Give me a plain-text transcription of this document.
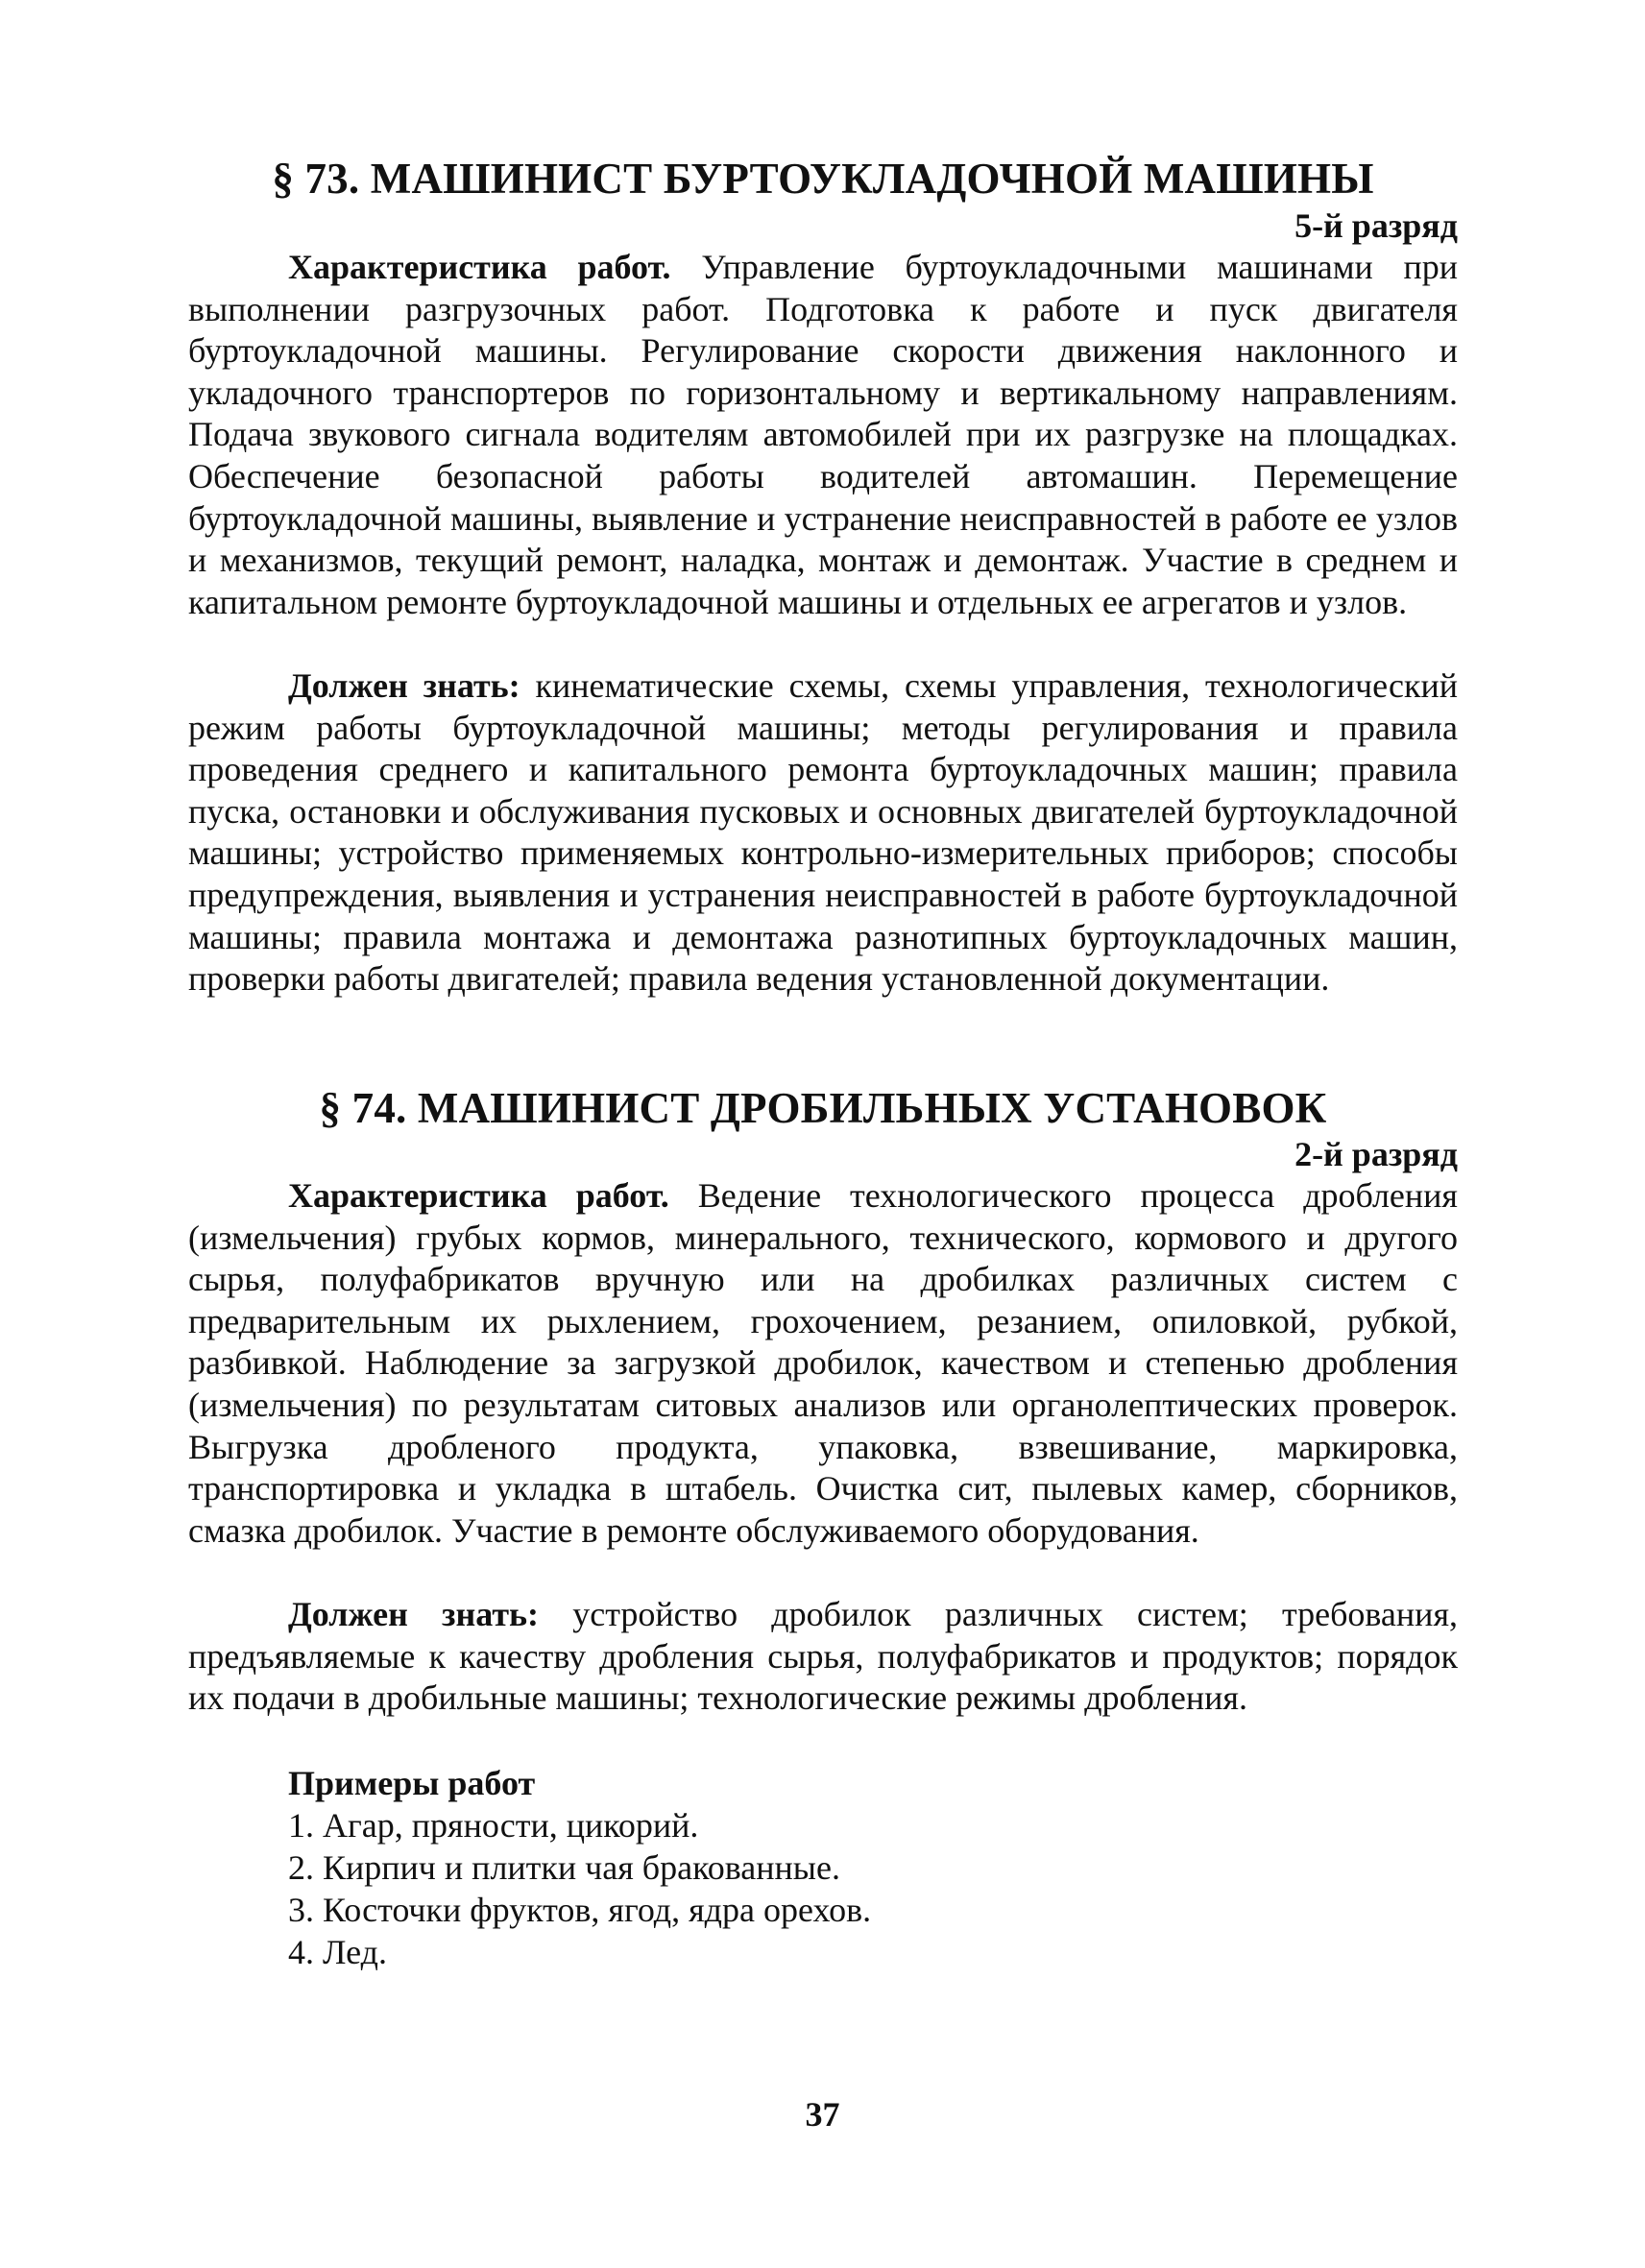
§ 73. МАШИНИСТ БУРТОУКЛАДОЧНОЙ МАШИНЫ
5-й разряд

Характеристика работ. Управление буртоукладочными машинами при выполнении разгрузочных работ. Подготовка к работе и пуск двигателя буртоукладочной машины. Регулирование скорости движения наклонного и укладочного транспортеров по горизонтальному и вертикальному направлениям. Подача звукового сигнала водителям автомобилей при их разгрузке на площадках. Обеспечение безопасной работы водителей автомашин. Перемещение буртоукладочной машины, выявление и устранение неисправностей в работе ее узлов и механизмов, текущий ремонт, наладка, монтаж и демонтаж. Участие в среднем и капитальном ремонте буртоукладочной машины и отдельных ее агрегатов и узлов.

Должен знать: кинематические схемы, схемы управления, технологический режим работы буртоукладочной машины; методы регулирования и правила проведения среднего и капитального ремонта буртоукладочных машин; правила пуска, остановки и обслуживания пусковых и основных двигателей буртоукладочной машины; устройство применяемых контрольно-измерительных приборов; способы предупреждения, выявления и устранения неисправностей в работе буртоукладочной машины; правила монтажа и демонтажа разнотипных буртоукладочных машин, проверки работы двигателей; правила ведения установленной документации.

§ 74. МАШИНИСТ ДРОБИЛЬНЫХ УСТАНОВОК
2-й разряд

Характеристика работ. Ведение технологического процесса дробления (измельчения) грубых кормов, минерального, технического, кормового и другого сырья, полуфабрикатов вручную или на дробилках различных систем с предварительным их рыхлением, грохочением, резанием, опиловкой, рубкой, разбивкой. Наблюдение за загрузкой дробилок, качеством и степенью дробления (измельчения) по результатам ситовых анализов или органолептических проверок. Выгрузка дробленого продукта, упаковка, взвешивание, маркировка, транспортировка и укладка в штабель. Очистка сит, пылевых камер, сборников, смазка дробилок. Участие в ремонте обслуживаемого оборудования.

Должен знать: устройство дробилок различных систем; требования, предъявляемые к качеству дробления сырья, полуфабрикатов и продуктов; порядок их подачи в дробильные машины; технологические режимы дробления.

Примеры работ
1. Агар, пряности, цикорий.
2. Кирпич и плитки чая бракованные.
3. Косточки фруктов, ягод, ядра орехов.
4. Лед.
37
